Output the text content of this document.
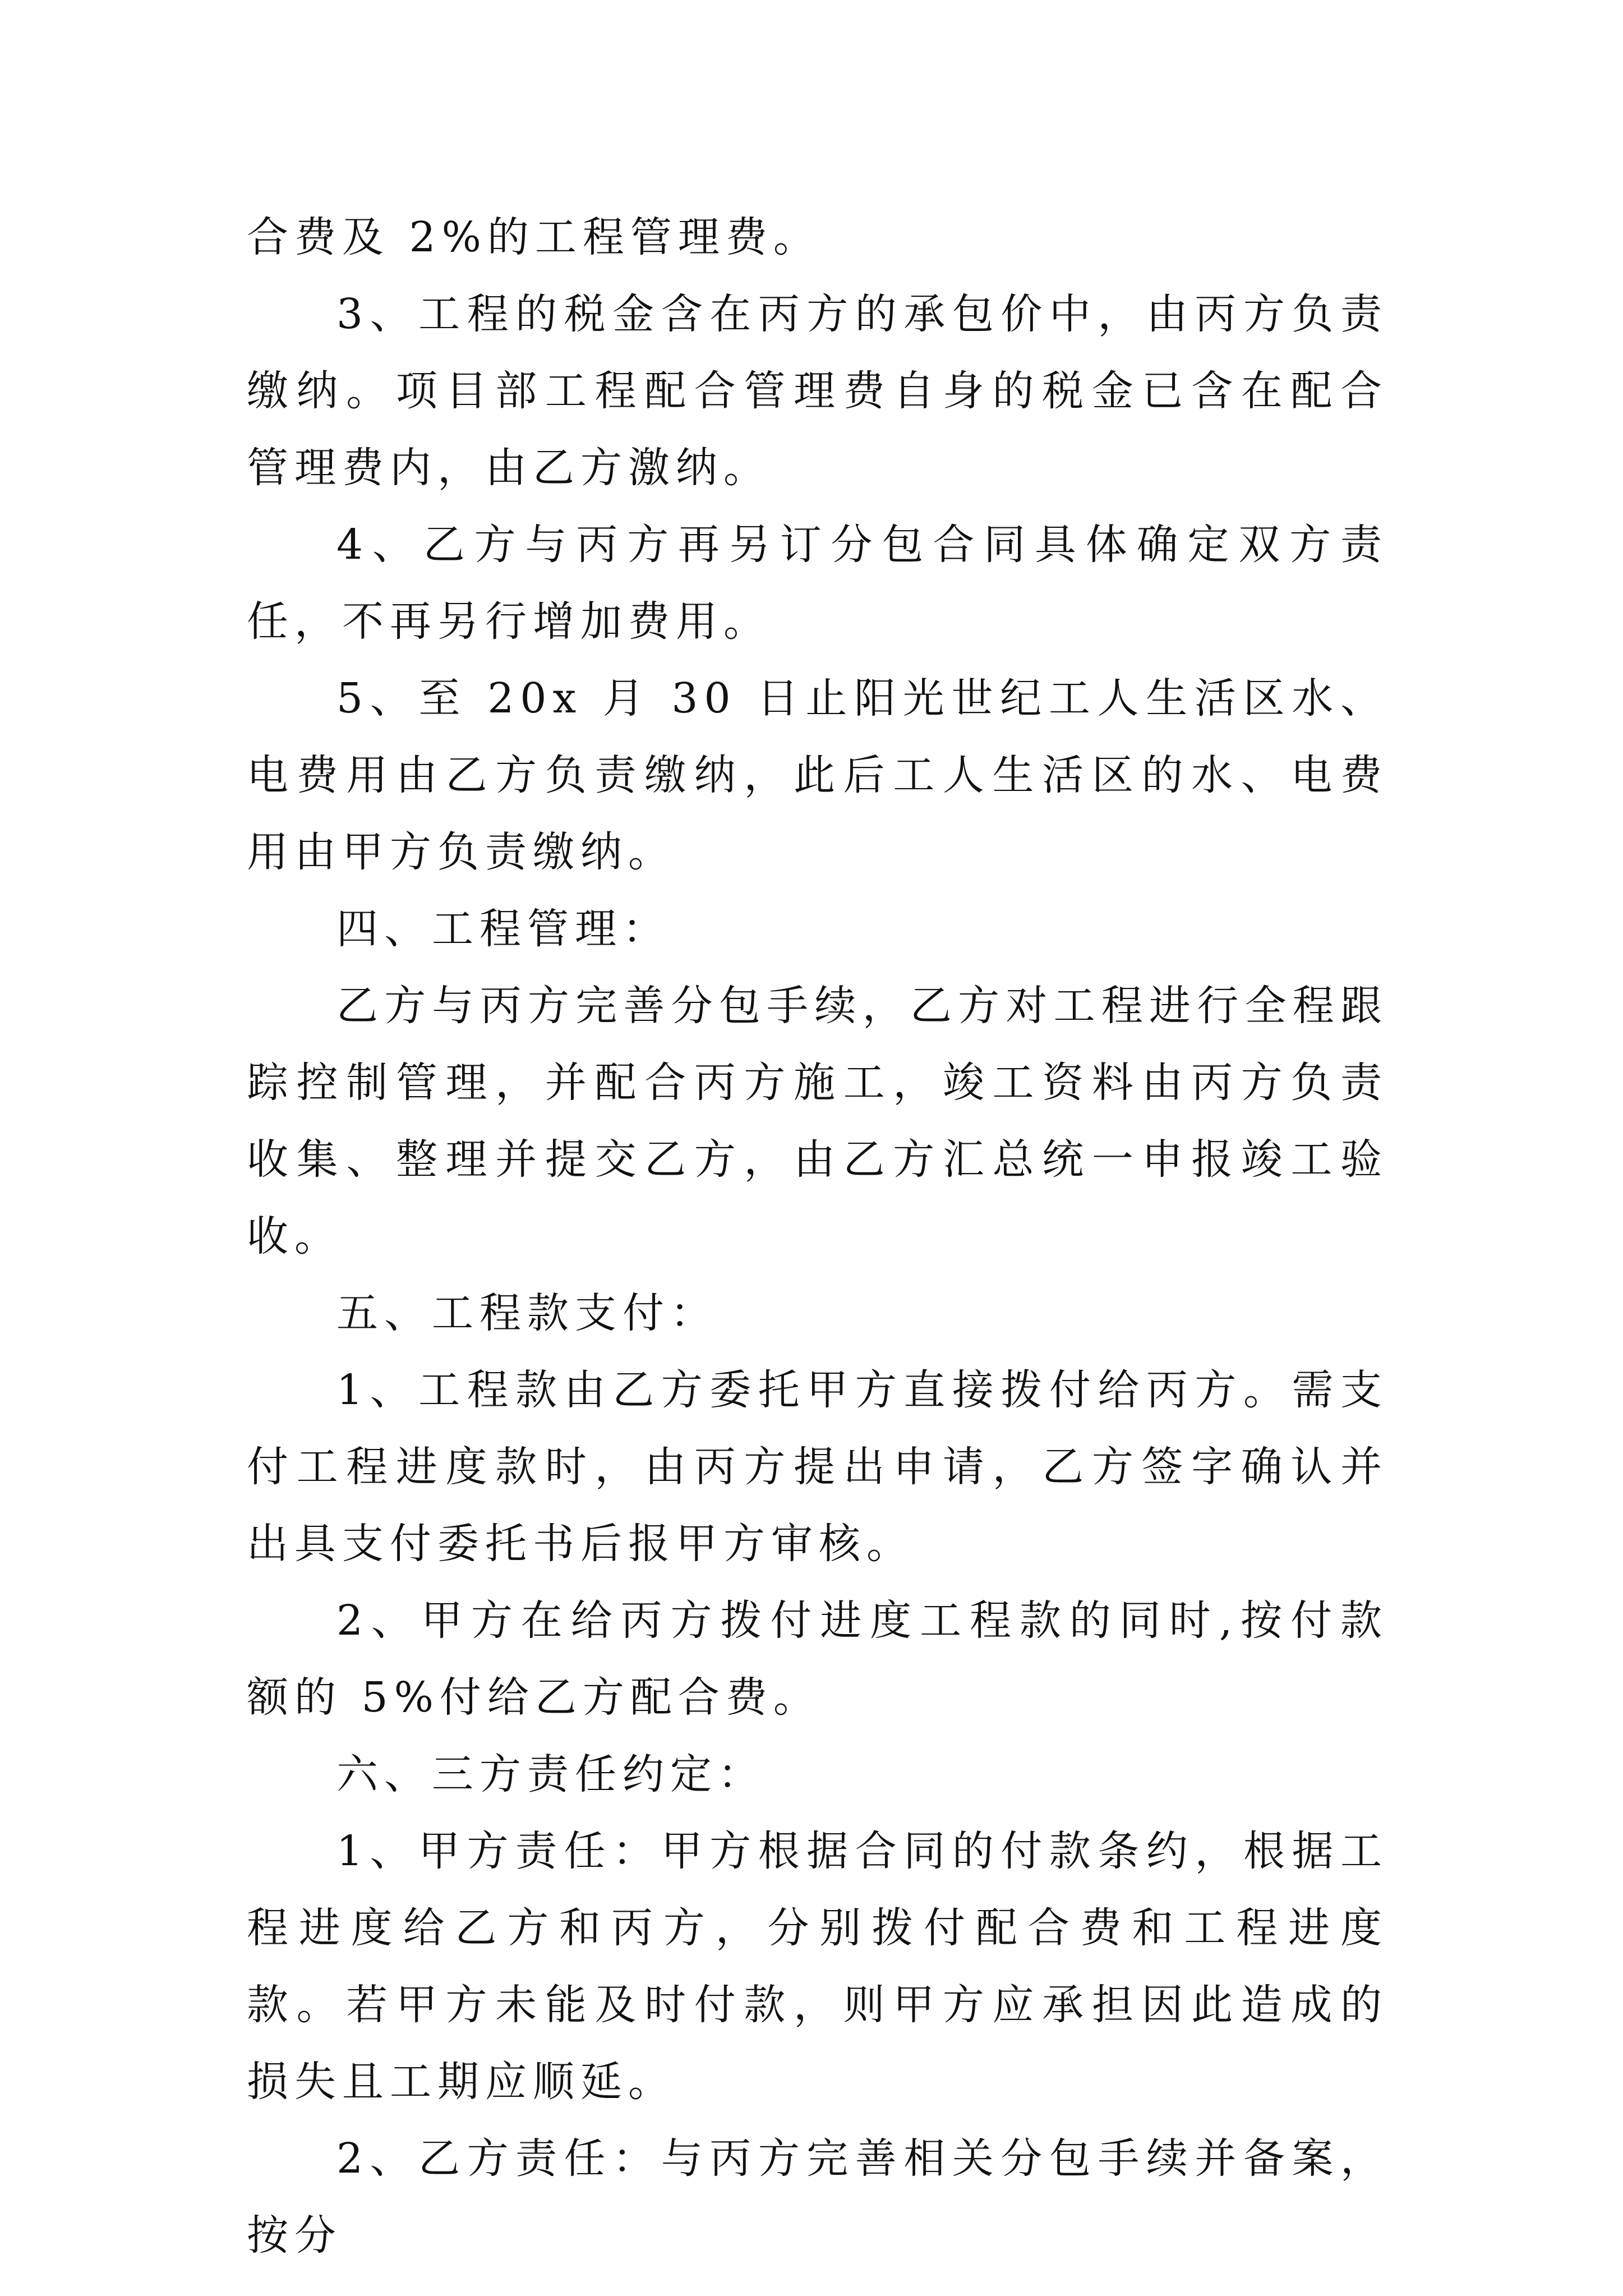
合费及 2%的工程管理费。

3、工程的税金含在丙方的承包价中，由丙方负责缴纳。项目部工程配合管理费自身的税金已含在配合管理费内，由乙方激纳。

4、乙方与丙方再另订分包合同具体确定双方责任，不再另行增加费用。

5、至 20x 月 30 日止阳光世纪工人生活区水、电费用由乙方负责缴纳，此后工人生活区的水、电费用由甲方负责缴纳。

四、工程管理：

乙方与丙方完善分包手续，乙方对工程进行全程跟踪控制管理，并配合丙方施工，竣工资料由丙方负责收集、整理并提交乙方，由乙方汇总统一申报竣工验收。

五、工程款支付：

1、工程款由乙方委托甲方直接拨付给丙方。需支付工程进度款时，由丙方提出申请，乙方签字确认并出具支付委托书后报甲方审核。

2、甲方在给丙方拨付进度工程款的同时,按付款额的 5%付给乙方配合费。

六、三方责任约定：

1、甲方责任：甲方根据合同的付款条约，根据工程进度给乙方和丙方，分别拨付配合费和工程进度款。若甲方未能及时付款，则甲方应承担因此造成的损失且工期应顺延。

2、乙方责任：与丙方完善相关分包手续并备案，按分
